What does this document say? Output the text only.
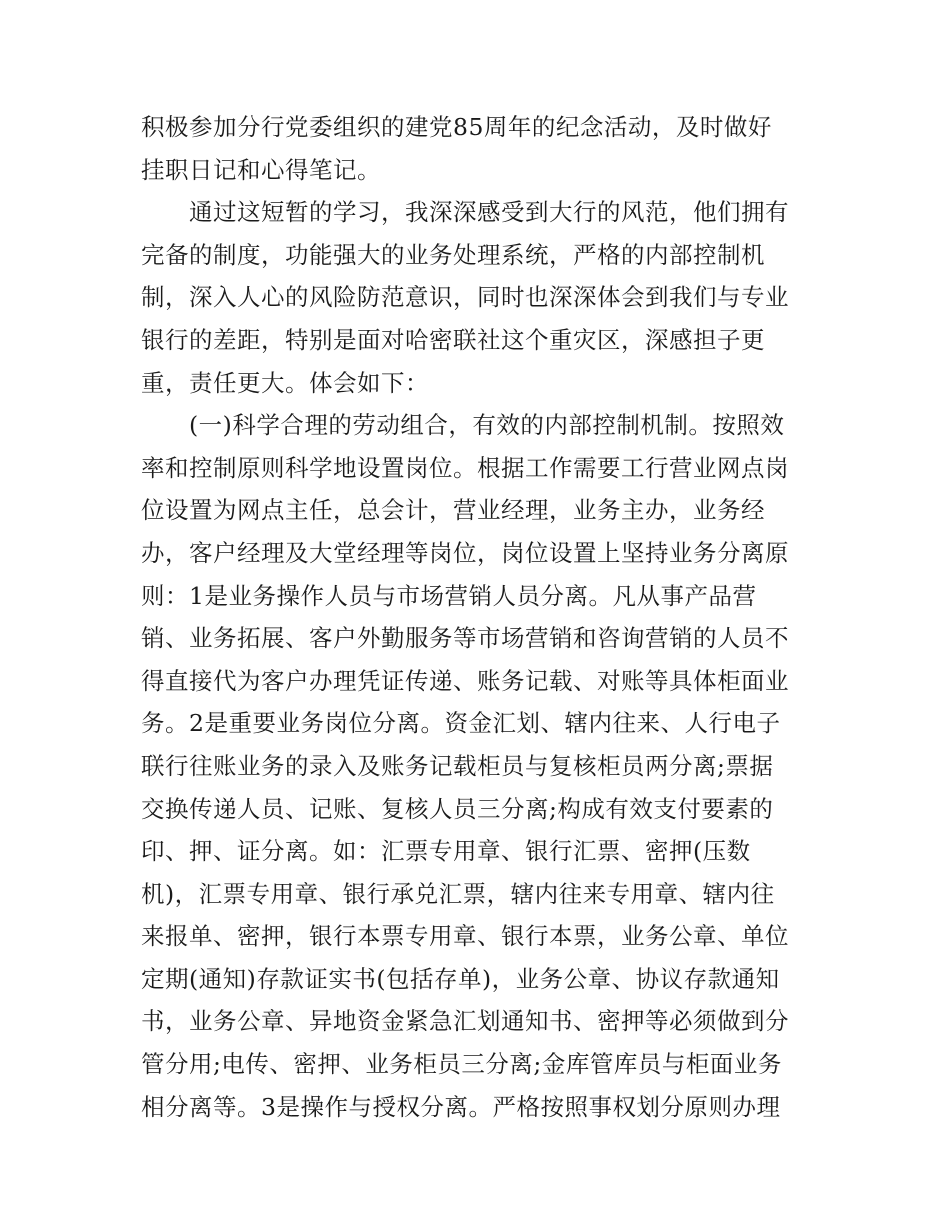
积极参加分行党委组织的建党85周年的纪念活动，及时做好
挂职日记和心得笔记。
　　通过这短暂的学习，我深深感受到大行的风范，他们拥有
完备的制度，功能强大的业务处理系统，严格的内部控制机
制，深入人心的风险防范意识，同时也深深体会到我们与专业
银行的差距，特别是面对哈密联社这个重灾区，深感担子更
重，责任更大。体会如下：
　　(一)科学合理的劳动组合，有效的内部控制机制。按照效
率和控制原则科学地设置岗位。根据工作需要工行营业网点岗
位设置为网点主任，总会计，营业经理，业务主办，业务经
办，客户经理及大堂经理等岗位，岗位设置上坚持业务分离原
则：1是业务操作人员与市场营销人员分离。凡从事产品营
销、业务拓展、客户外勤服务等市场营销和咨询营销的人员不
得直接代为客户办理凭证传递、账务记载、对账等具体柜面业
务。2是重要业务岗位分离。资金汇划、辖内往来、人行电子
联行往账业务的录入及账务记载柜员与复核柜员两分离;票据
交换传递人员、记账、复核人员三分离;构成有效支付要素的
印、押、证分离。如：汇票专用章、银行汇票、密押(压数
机)，汇票专用章、银行承兑汇票，辖内往来专用章、辖内往
来报单、密押，银行本票专用章、银行本票，业务公章、单位
定期(通知)存款证实书(包括存单)，业务公章、协议存款通知
书，业务公章、异地资金紧急汇划通知书、密押等必须做到分
管分用;电传、密押、业务柜员三分离;金库管库员与柜面业务
相分离等。3是操作与授权分离。严格按照事权划分原则办理
